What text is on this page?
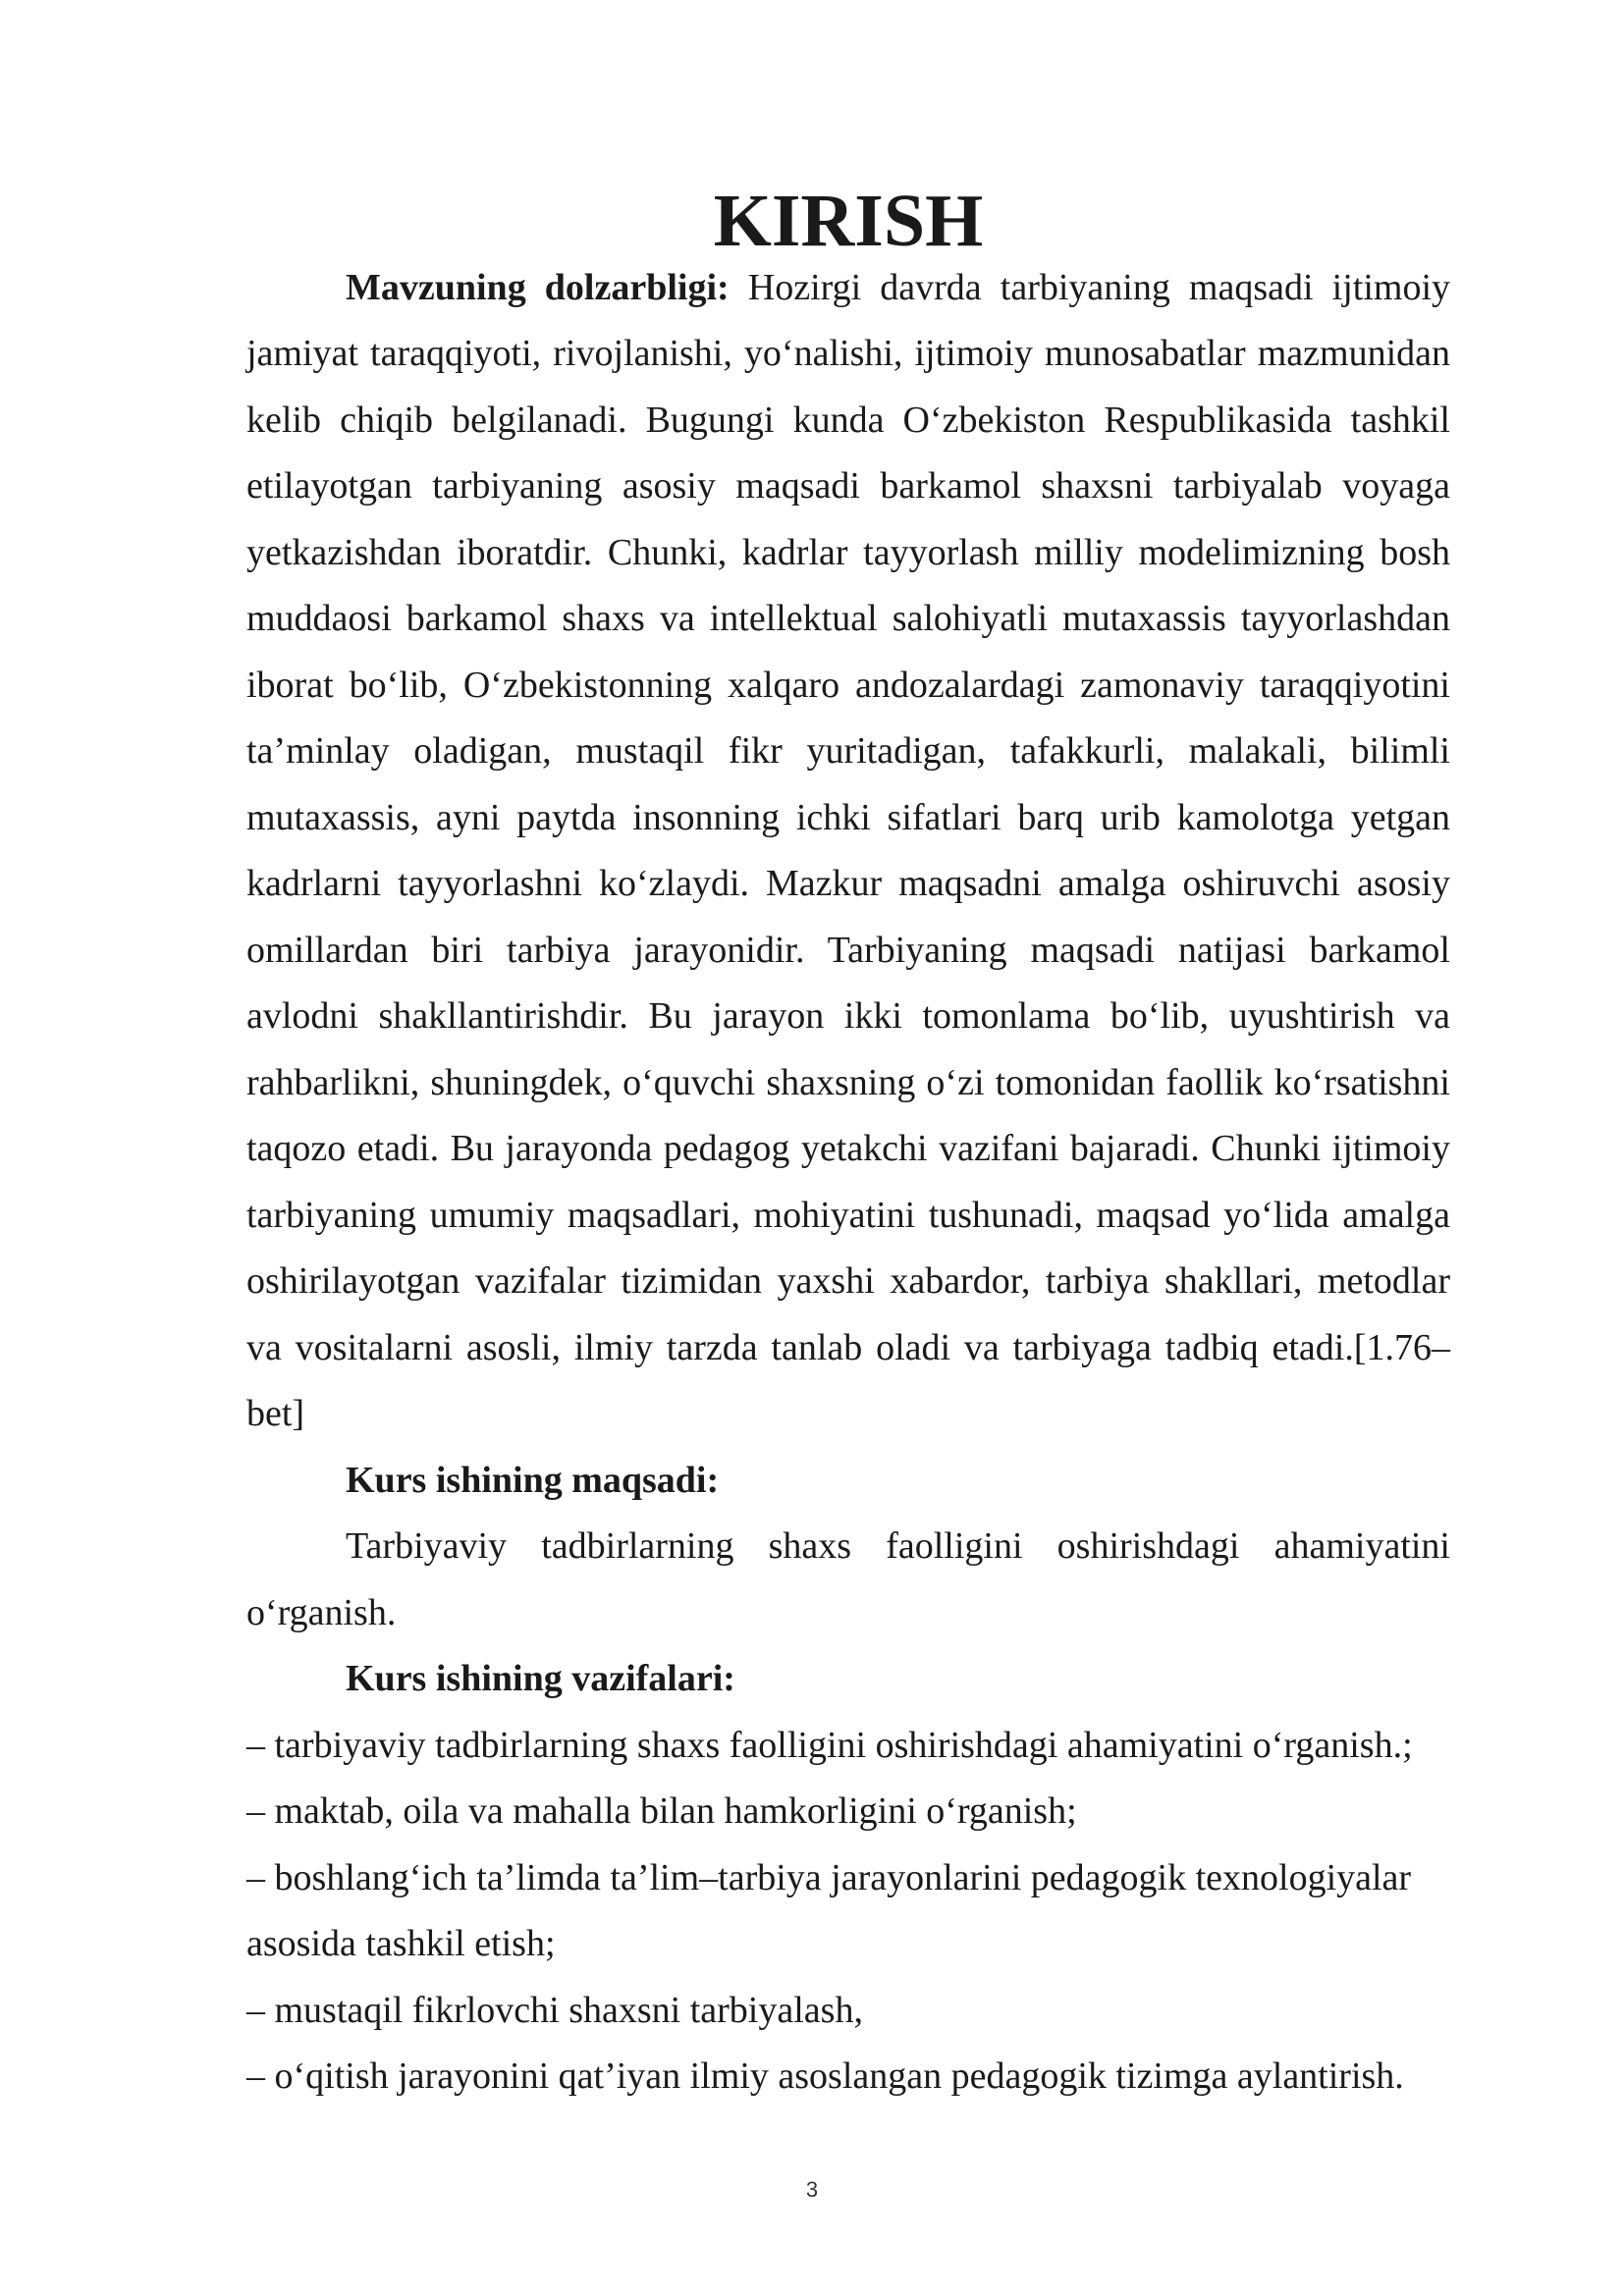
KIRISH

Mavzuning dolzarbligi: Hozirgi davrda tarbiyaning maqsadi ijtimoiy jamiyat taraqqiyoti, rivojlanishi, yo‘nalishi, ijtimoiy munosabatlar mazmunidan kelib chiqib belgilanadi. Bugungi kunda O‘zbekiston Respublikasida tashkil etilayotgan tarbiyaning asosiy maqsadi barkamol shaxsni tarbiyalab voyaga yetkazishdan iboratdir. Chunki, kadrlar tayyorlash milliy modelimizning bosh muddaosi barkamol shaxs va intellektual salohiyatli mutaxassis tayyorlashdan iborat bo‘lib, O‘zbekistonning xalqaro andozalardagi zamonaviy taraqqiyotini ta’minlay oladigan, mustaqil fikr yuritadigan, tafakkurli, malakali, bilimli mutaxassis, ayni paytda insonning ichki sifatlari barq urib kamolotga yetgan kadrlarni tayyorlashni ko‘zlaydi. Mazkur maqsadni amalga oshiruvchi asosiy omillardan biri tarbiya jarayonidir. Tarbiyaning maqsadi natijasi barkamol avlodni shakllantirishdir. Bu jarayon ikki tomonlama bo‘lib, uyushtirish va rahbarlikni, shuningdek, o‘quvchi shaxsning o‘zi tomonidan faollik ko‘rsatishni taqozo etadi. Bu jarayonda pedagog yetakchi vazifani bajaradi. Chunki ijtimoiy tarbiyaning umumiy maqsadlari, mohiyatini tushunadi, maqsad yo‘lida amalga oshirilayotgan vazifalar tizimidan yaxshi xabardor, tarbiya shakllari, metodlar va vositalarni asosli, ilmiy tarzda tanlab oladi va tarbiyaga tadbiq etadi.[1.76–bet]

Kurs ishining maqsadi:

Tarbiyaviy tadbirlarning shaxs faolligini oshirishdagi ahamiyatini o‘rganish.

Kurs ishining vazifalari:

– tarbiyaviy tadbirlarning shaxs faolligini oshirishdagi ahamiyatini o‘rganish.;
– maktab, oila va mahalla bilan hamkorligini o‘rganish;
– boshlang‘ich ta’limda ta’lim–tarbiya jarayonlarini pedagogik texnologiyalar asosida tashkil etish;
– mustaqil fikrlovchi shaxsni tarbiyalash,
– o‘qitish jarayonini qat’iyan ilmiy asoslangan pedagogik tizimga aylantirish.
3
